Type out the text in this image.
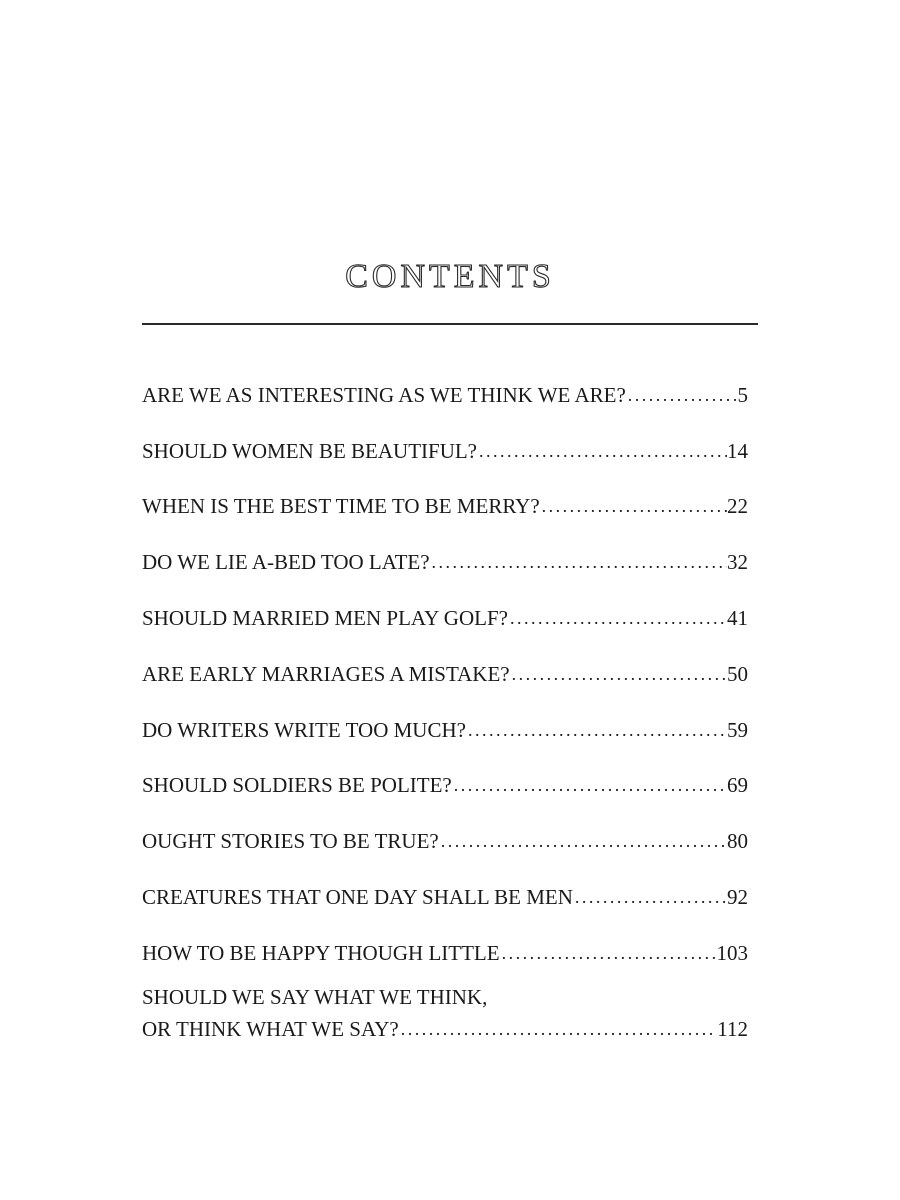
CONTENTS
ARE WE AS INTERESTING AS WE THINK WE ARE? . . .	5
SHOULD WOMEN BE BEAUTIFUL? . . .	14
WHEN IS THE BEST TIME TO BE MERRY? . . .	22
DO WE LIE A-BED TOO LATE? . . .	32
SHOULD MARRIED MEN PLAY GOLF? . . .	41
ARE EARLY MARRIAGES A MISTAKE? . . .	50
DO WRITERS WRITE TOO MUCH? . . .	59
SHOULD SOLDIERS BE POLITE? . . .	69
OUGHT STORIES TO BE TRUE? . . .	80
CREATURES THAT ONE DAY SHALL BE MEN . . .	92
HOW TO BE HAPPY THOUGH LITTLE . . .	103
SHOULD WE SAY WHAT WE THINK,
OR THINK WHAT WE SAY? . . .	112
